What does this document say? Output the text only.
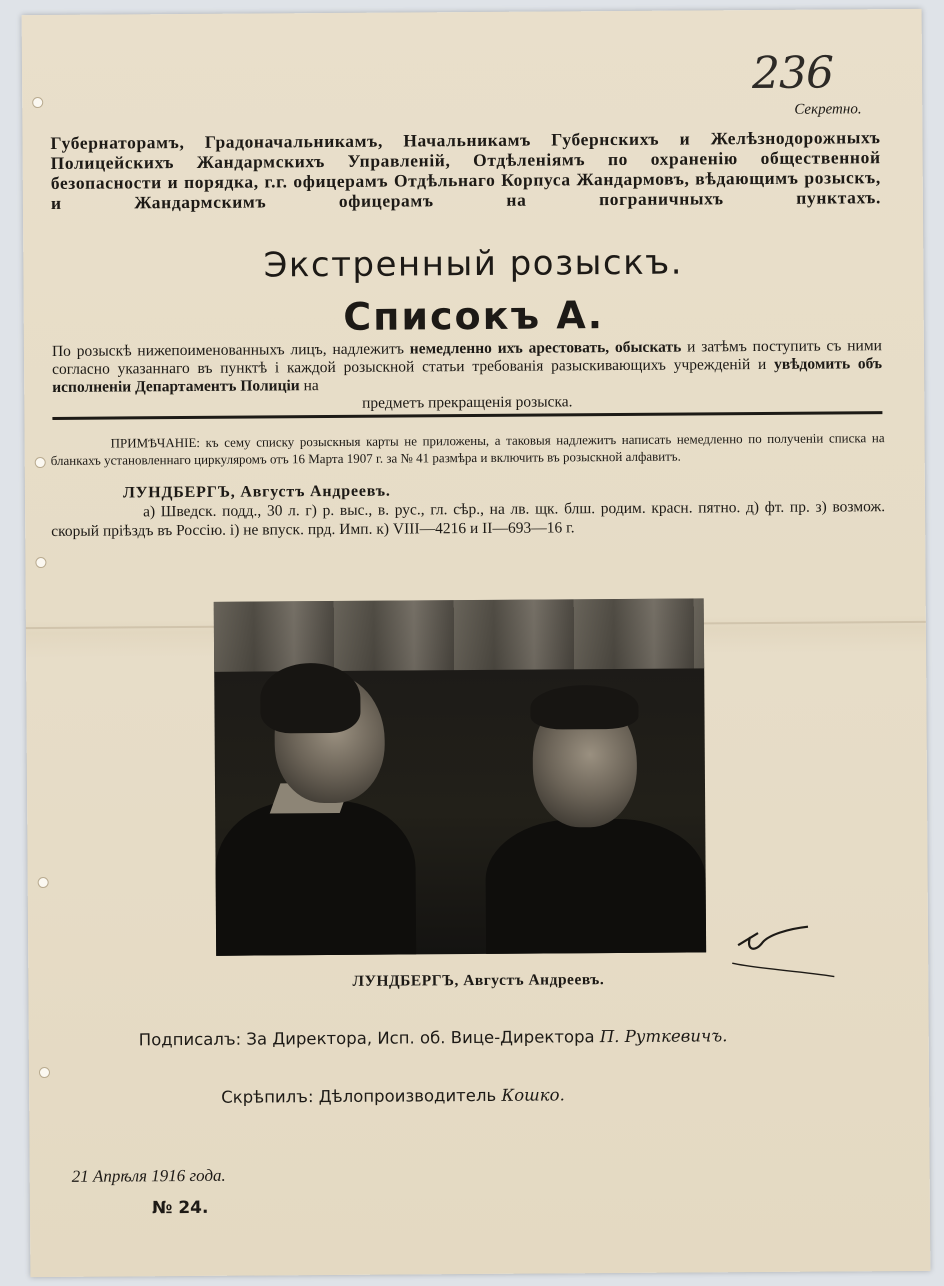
236
Секретно.
Губернаторамъ, Градоначальникамъ, Начальникамъ Губернскихъ и Желѣзнодорожныхъ Полицейскихъ Жандармскихъ Управленій, Отдѣленіямъ по охраненію общественной безопасности и порядка, г.г. офицерамъ Отдѣльнаго Корпуса Жандармовъ, вѣдающимъ розыскъ, и Жандармскимъ офицерамъ на пограничныхъ пунктахъ.
Экстренный розыскъ.
Списокъ А.
По розыскѣ нижепоименованныхъ лицъ, надлежитъ немедленно ихъ арестовать, обыскать и затѣмъ поступить съ ними согласно указаннаго въ пунктѣ і каждой розыскной статьи требованія разыскивающихъ учрежденій и увѣдомить объ исполненіи Департаментъ Полиціи на
предметъ прекращенія розыска.
ПРИМѢЧАНІЕ: къ сему списку розыскныя карты не приложены, а таковыя надлежитъ написать немедленно по полученіи списка на бланкахъ установленнаго циркуляромъ отъ 16 Марта 1907 г. за № 41 размѣра и включить въ розыскной алфавитъ.
ЛУНДБЕРГЪ, Августъ Андреевъ.
а) Шведск. подд., 30 л. г) р. выс., в. рус., гл. сѣр., на лв. щк. блш. родим. красн. пятно. д) фт. пр. з) возмож. скорый пріѣздъ въ Россію. і) не впуск. прд. Имп. к) VIII—4216 и II—693—16 г.
ЛУНДБЕРГЪ, Августъ Андреевъ.
Подписалъ: За Директора, Исп. об. Вице-Директора П. Руткевичъ.
Скрѣпилъ: Дѣлопроизводитель Кошко.
21 Апрѣля 1916 года.
№ 24.
